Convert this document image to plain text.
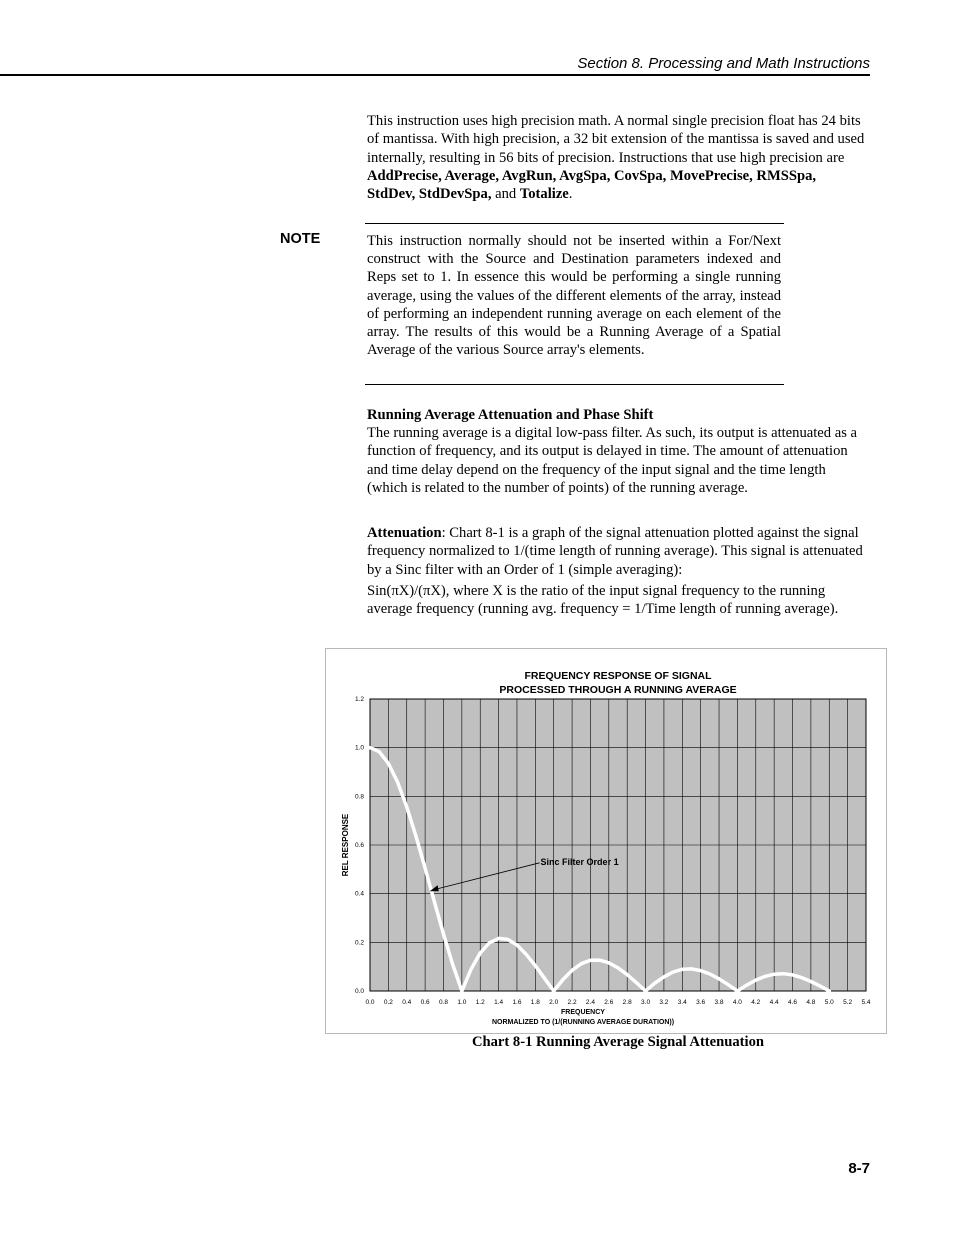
Section 8. Processing and Math Instructions
This instruction uses high precision math. A normal single precision float has 24 bits of mantissa. With high precision, a 32 bit extension of the mantissa is saved and used internally, resulting in 56 bits of precision. Instructions that use high precision are AddPrecise, Average, AvgRun, AvgSpa, CovSpa, MovePrecise, RMSSpa, StdDev, StdDevSpa, and Totalize.
NOTE	This instruction normally should not be inserted within a For/Next construct with the Source and Destination parameters indexed and Reps set to 1. In essence this would be performing a single running average, using the values of the different elements of the array, instead of performing an independent running average on each element of the array. The results of this would be a Running Average of a Spatial Average of the various Source array's elements.
Running Average Attenuation and Phase Shift
The running average is a digital low-pass filter. As such, its output is attenuated as a function of frequency, and its output is delayed in time. The amount of attenuation and time delay depend on the frequency of the input signal and the time length (which is related to the number of points) of the running average.
Attenuation: Chart 8-1 is a graph of the signal attenuation plotted against the signal frequency normalized to 1/(time length of running average). This signal is attenuated by a Sinc filter with an Order of 1 (simple averaging):
Sin(πX)/(πX), where X is the ratio of the input signal frequency to the running average frequency (running avg. frequency = 1/Time length of running average).
0.0 0.2 0.4 0.6 0.8 1.0 1.2 1.4 1.6 1.8 2.0 2.2 2.4 2.6 2.8 3.0 3.2 3.4 3.6 3.8 4.0 4.2 4.4 4.6 4.8 5.0 5.2 5.4
0.0
0.2
0.4
0.6
0.8
1.0
1.2
FREQUENCY RESPONSE OF SIGNAL
PROCESSED THROUGH A RUNNING AVERAGE
FREQUENCY
NORMALIZED TO (1/(RUNNING AVERAGE DURATION))
REL RESPONSE	Sinc Filter Order 1
Chart 8-1 Running Average Signal Attenuation
8-7
